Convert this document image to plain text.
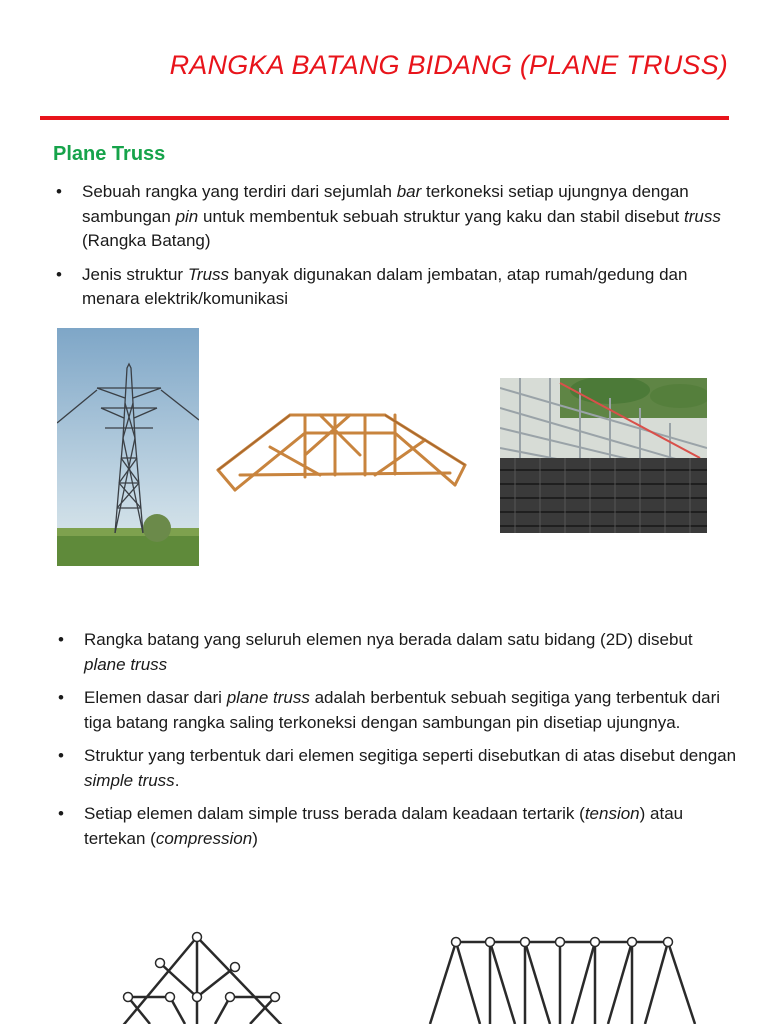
RANGKA BATANG BIDANG (PLANE TRUSS)
Plane Truss
• Sebuah rangka yang terdiri dari sejumlah bar terkoneksi setiap ujungnya dengan sambungan pin untuk membentuk sebuah struktur yang kaku dan stabil disebut truss (Rangka Batang)
• Jenis struktur Truss banyak digunakan dalam jembatan, atap rumah/gedung dan menara elektrik/komunikasi
• Rangka batang yang seluruh elemen nya berada dalam satu bidang (2D) disebut plane truss
• Elemen dasar dari plane truss adalah berbentuk sebuah segitiga yang terbentuk dari tiga batang rangka saling terkoneksi dengan sambungan pin disetiap ujungnya.
• Struktur yang terbentuk dari elemen segitiga seperti disebutkan di atas disebut dengan simple truss.
• Setiap elemen dalam simple truss berada dalam keadaan tertarik (tension) atau tertekan (compression)
